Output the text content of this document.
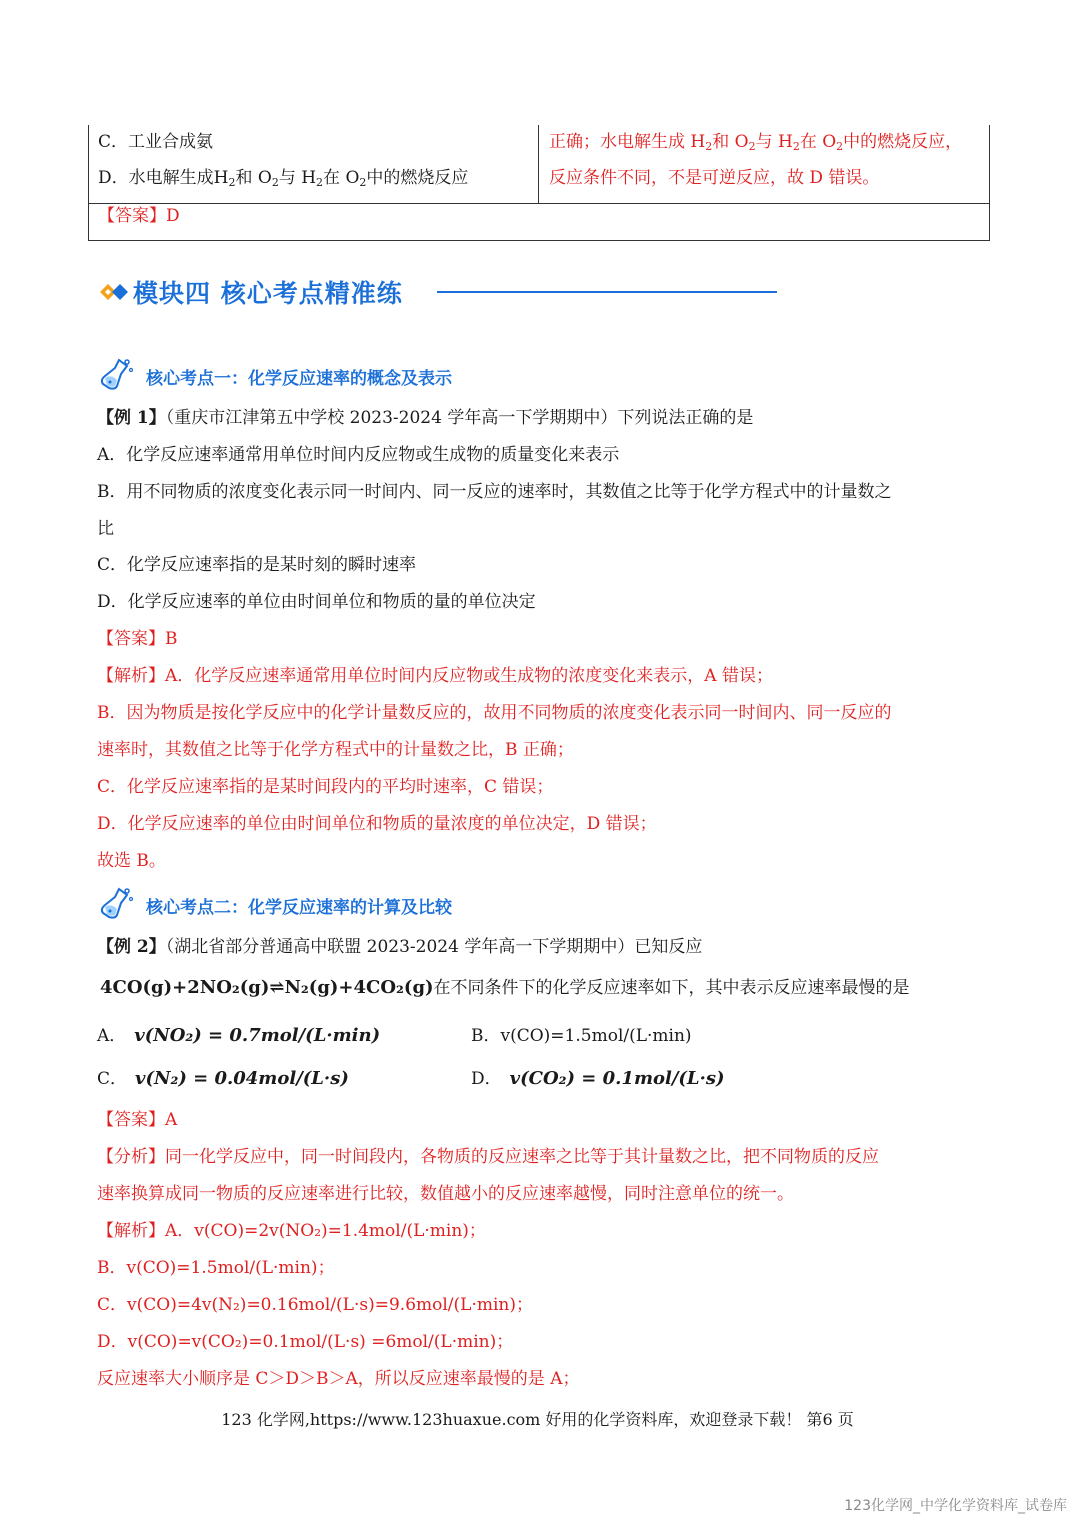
C．工业合成氨
D．水电解生成$H_2$和 $O_2$与 $H_2$在 $O_2$中的燃烧反应
正确；水电解生成 $H_2$和 $O_2$与 $H_2$在 $O_2$中的燃烧反应，
反应条件不同，不是可逆反应，故 D 错误。
【答案】D
模块四 核心考点精准练
核心考点一：化学反应速率的概念及表示
【例 1】（重庆市江津第五中学校 2023-2024 学年高一下学期期中）下列说法正确的是
A．化学反应速率通常用单位时间内反应物或生成物的质量变化来表示
B．用不同物质的浓度变化表示同一时间内、同一反应的速率时，其数值之比等于化学方程式中的计量数之
比
C．化学反应速率指的是某时刻的瞬时速率
D．化学反应速率的单位由时间单位和物质的量的单位决定
【答案】B
【解析】A．化学反应速率通常用单位时间内反应物或生成物的浓度变化来表示，A 错误；
B．因为物质是按化学反应中的化学计量数反应的，故用不同物质的浓度变化表示同一时间内、同一反应的
速率时，其数值之比等于化学方程式中的计量数之比，B 正确；
C．化学反应速率指的是某时间段内的平均时速率，C 错误；
D．化学反应速率的单位由时间单位和物质的量浓度的单位决定，D 错误；
故选 B。
核心考点二：化学反应速率的计算及比较
【例 2】（湖北省部分普通高中联盟 2023-2024 学年高一下学期期中）已知反应
4CO(g)+2NO₂(g)⇌N₂(g)+4CO₂(g)在不同条件下的化学反应速率如下，其中表示反应速率最慢的是
A． v(NO₂) = 0.7mol/(L·min)	B．v(CO)=1.5mol/(L·min)
C． v(N₂) = 0.04mol/(L·s)	D． v(CO₂) = 0.1mol/(L·s)
【答案】A
【分析】同一化学反应中，同一时间段内，各物质的反应速率之比等于其计量数之比，把不同物质的反应
速率换算成同一物质的反应速率进行比较，数值越小的反应速率越慢，同时注意单位的统一。
【解析】A．v(CO)=2v(NO₂)=1.4mol/(L·min)；
B．v(CO)=1.5mol/(L·min)；
C．v(CO)=4v(N₂)=0.16mol/(L·s)=9.6mol/(L·min)；
D．v(CO)=v(CO₂)=0.1mol/(L·s) =6mol/(L·min)；
反应速率大小顺序是 C＞D＞B＞A，所以反应速率最慢的是 A；
123 化学网,https://www.123huaxue.com 好用的化学资料库，欢迎登录下载！ 第6 页
123化学网_中学化学资料库_试卷库
